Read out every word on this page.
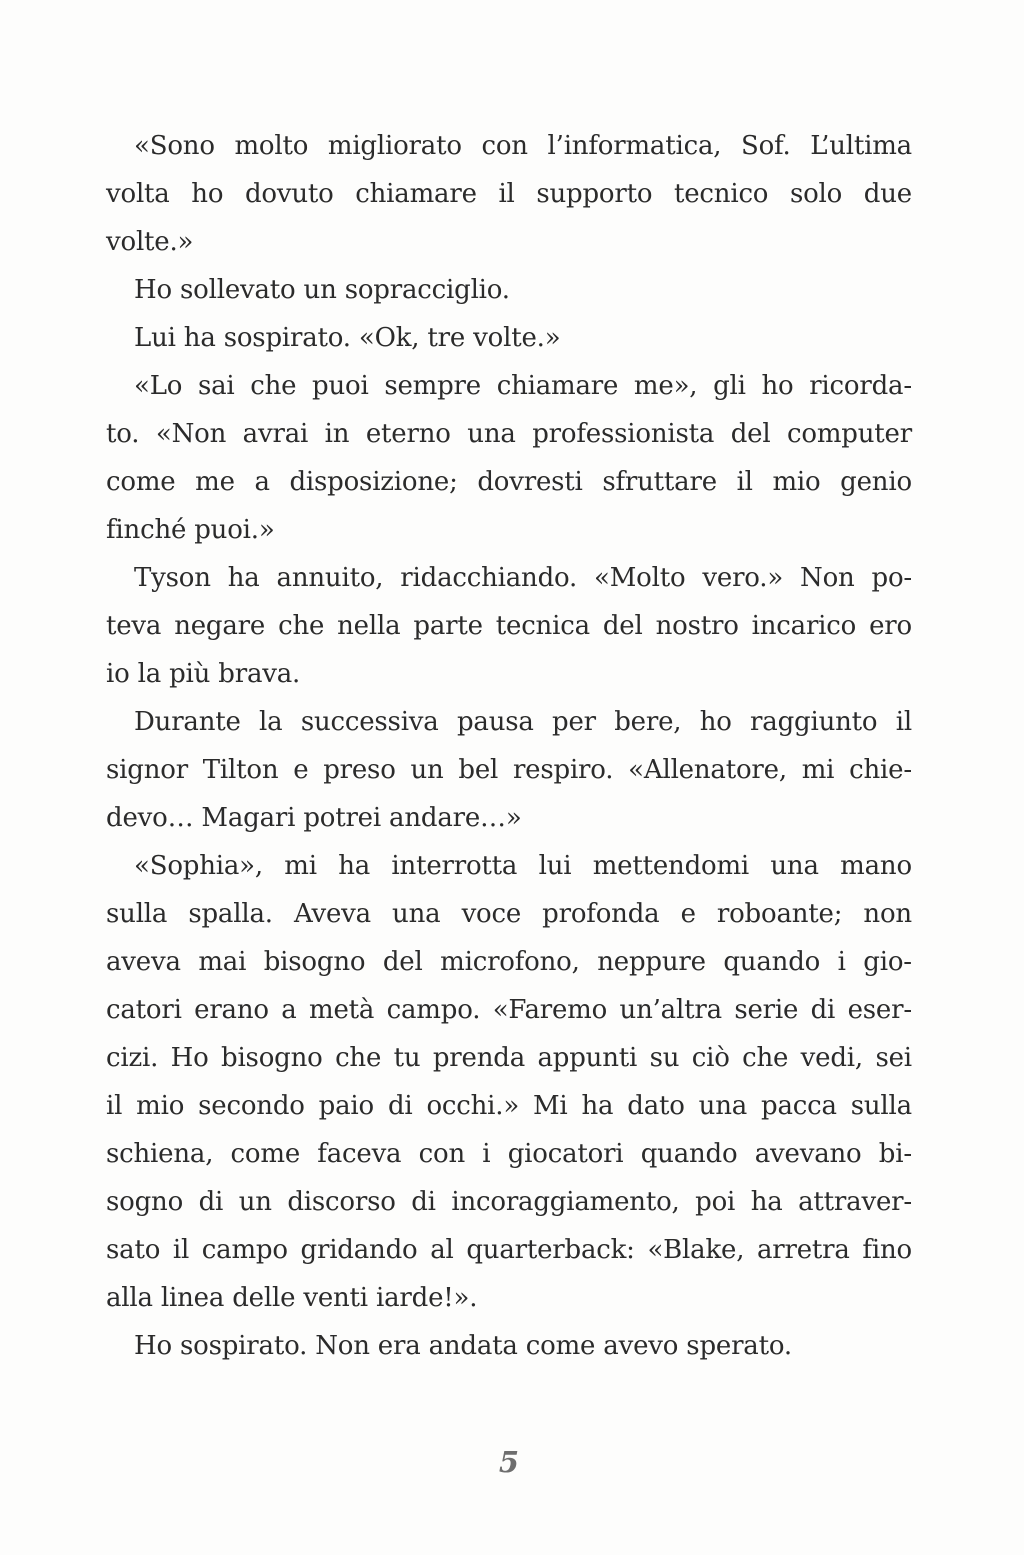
«Sono molto migliorato con l’informatica, Sof. L’ultima
volta ho dovuto chiamare il supporto tecnico solo due
volte.»
Ho sollevato un sopracciglio.
Lui ha sospirato. «Ok, tre volte.»
«Lo sai che puoi sempre chiamare me», gli ho ricorda-
to. «Non avrai in eterno una professionista del computer
come me a disposizione; dovresti sfruttare il mio genio
finché puoi.»
Tyson ha annuito, ridacchiando. «Molto vero.» Non po-
teva negare che nella parte tecnica del nostro incarico ero
io la più brava.
Durante la successiva pausa per bere, ho raggiunto il
signor Tilton e preso un bel respiro. «Allenatore, mi chie-
devo… Magari potrei andare…»
«Sophia», mi ha interrotta lui mettendomi una mano
sulla spalla. Aveva una voce profonda e roboante; non
aveva mai bisogno del microfono, neppure quando i gio-
catori erano a metà campo. «Faremo un’altra serie di eser-
cizi. Ho bisogno che tu prenda appunti su ciò che vedi, sei
il mio secondo paio di occhi.» Mi ha dato una pacca sulla
schiena, come faceva con i giocatori quando avevano bi-
sogno di un discorso di incoraggiamento, poi ha attraver-
sato il campo gridando al quarterback: «Blake, arretra fino
alla linea delle venti iarde!».
Ho sospirato. Non era andata come avevo sperato.
5
